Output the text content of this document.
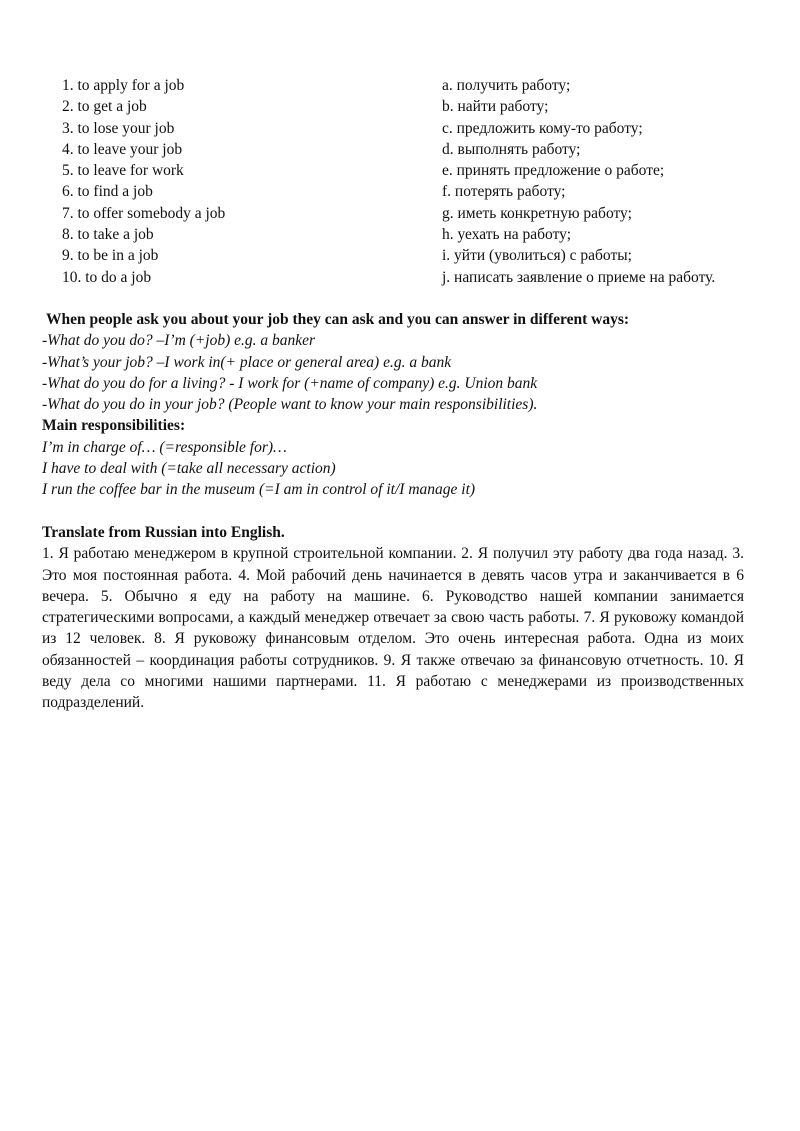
1. to apply for a job	a. получить работу;
2. to get a job	b. найти работу;
3. to lose your job	c. предложить кому-то работу;
4. to leave your job	d. выполнять работу;
5. to leave for work	e. принять предложение о работе;
6. to find a job	f. потерять работу;
7. to offer somebody a job	g. иметь конкретную работу;
8. to take a job	h. уехать на работу;
9. to be in a job	i. уйти (уволиться) с работы;
10. to do a job	j. написать заявление о приеме на работу.
When people ask you about your job they can ask and you can answer in different ways:
-What do you do? –I’m (+job) e.g. a banker
-What’s your job? –I work in(+ place or general area) e.g. a bank
-What do you do for a living? - I work for (+name of company) e.g. Union bank
-What do you do in your job? (People want to know your main responsibilities).
Main responsibilities:
I’m in charge of… (=responsible for)…
I have to deal with (=take all necessary action)
I run the coffee bar in the museum (=I am in control of it/I manage it)
Translate from Russian into English.
1. Я работаю менеджером в крупной строительной компании. 2. Я получил эту работу два года назад. 3. Это моя постоянная работа. 4. Мой рабочий день начинается в девять часов утра и заканчивается в 6 вечера. 5. Обычно я еду на работу на машине. 6. Руководство нашей компании занимается стратегическими вопросами, а каждый менеджер отвечает за свою часть работы. 7. Я руковожу командой из 12 человек. 8. Я руковожу финансовым отделом. Это очень интересная работа. Одна из моих обязанностей – координация работы сотрудников. 9. Я также отвечаю за финансовую отчетность. 10. Я веду дела со многими нашими партнерами. 11. Я работаю с менеджерами из производственных подразделений.
